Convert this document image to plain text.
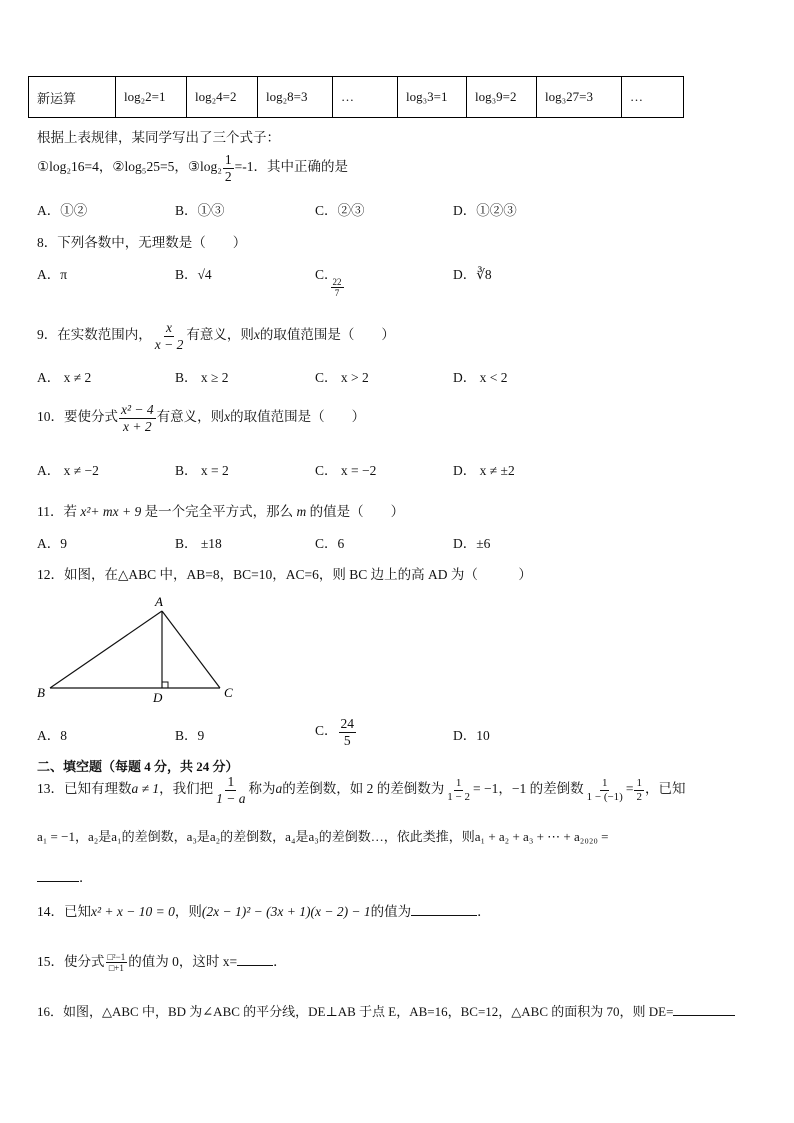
新运算	log₂2=1	log₂4=2	log₂8=3	…	log₃3=1	log₃9=2	log₃27=3	…
根据上表规律，某同学写出了三个式子：
①log₂16=4，②log₅25=5，③log₂ $\frac{1}{2} =-1$．其中正确的是
A．①②	B．①③	C．②③	D．①②③
8．下列各数中，无理数是（　　）
A．π	B．√4	C．
$\frac{22}{7}$
D．∛8
9．在实数范围内， $\frac{x}{x - 2}$ 有意义，则x的取值范围是（　　）
A． x ≠ 2	B． x ≥ 2	C． x > 2	D． x < 2
10．要使分式 $\frac{\text{x² − 4}}{x + 2}$ 有意义，则x的取值范围是（　　）
A． x ≠ −2	B． x = 2	C． x = −2	D． x ≠ ±2
11．若 x²+ mx + 9 是一个完全平方式，那么 m 的值是（　　）
A．9	B． ±18	C．6	D．±6
12．如图，在△ABC 中，AB=8，BC=10，AC=6，则 BC 边上的高 AD 为（　　　）
A
B	C
D
A．8	B．9	C． $\frac{24}{5}$	D．10
二、填空题（每题 4 分，共 24 分）
13．已知有理数a ≠ 1，我们把 $\frac{1}{1 - a}$ 称为a的差倒数，如 2 的差倒数为 $\frac{1}{1 - 2} = -1$，−1 的差倒数 $\frac{1}{1 - (-1)} = \frac{1}{2}$ ，已知
a₁ = −1，a₂是a₁的差倒数，a₃是a₂的差倒数，a₄是a₃的差倒数…，依此类推，则a₁ + a₂ + a₃ + ⋯ + a₂₀₂₀ =
．
14．已知x² + x − 10 = 0，则(2x − 1)² − (3x + 1)(x − 2) − 1的值为	．
15．使分式 $\frac{\text{□²−1}}{□+1}$ 的值为 0，这时 x=	．
16．如图，△ABC 中，BD 为∠ABC 的平分线，DE⊥AB 于点 E，AB=16，BC=12，△ABC 的面积为 70，则 DE=
